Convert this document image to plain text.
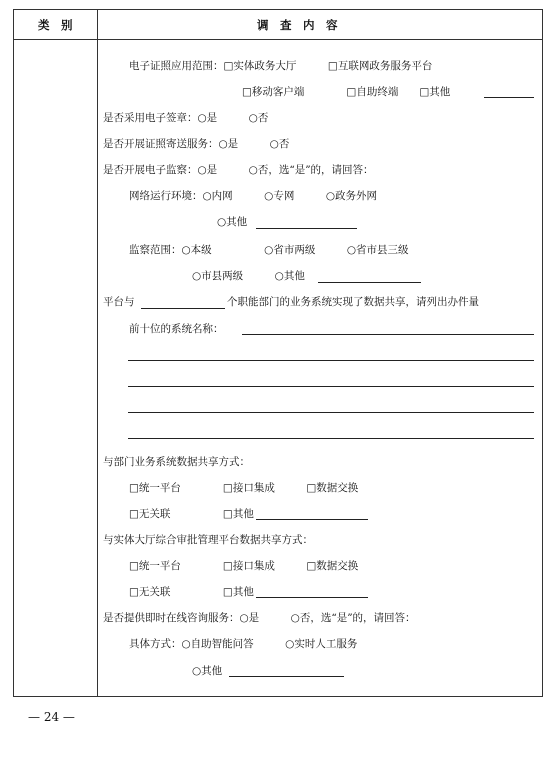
类　别	调　查　内　容
电子证照应用范围：□实体政务大厅　　　□互联网政务服务平台
□移动客户端　　　　□自助终端　　□其他
是否采用电子签章：○是　　　○否
是否开展证照寄送服务：○是　　　○否
是否开展电子监察：○是　　　○否，选“是”的，请回答：
网络运行环境：○内网　　　○专网　　　○政务外网
○其他
监察范围：○本级　　　　　○省市两级　　　○省市县三级
○市县两级　　　○其他
平台与	个职能部门的业务系统实现了数据共享，请列出办件量
前十位的系统名称：
与部门业务系统数据共享方式：
□统一平台　　　　□接口集成　　　□数据交换
□无关联　　　　　□其他
与实体大厅综合审批管理平台数据共享方式：
□统一平台　　　　□接口集成　　　□数据交换
□无关联　　　　　□其他
是否提供即时在线咨询服务：○是　　　○否，选“是”的，请回答：
具体方式：○自助智能问答　　　○实时人工服务
○其他
— 24 —
